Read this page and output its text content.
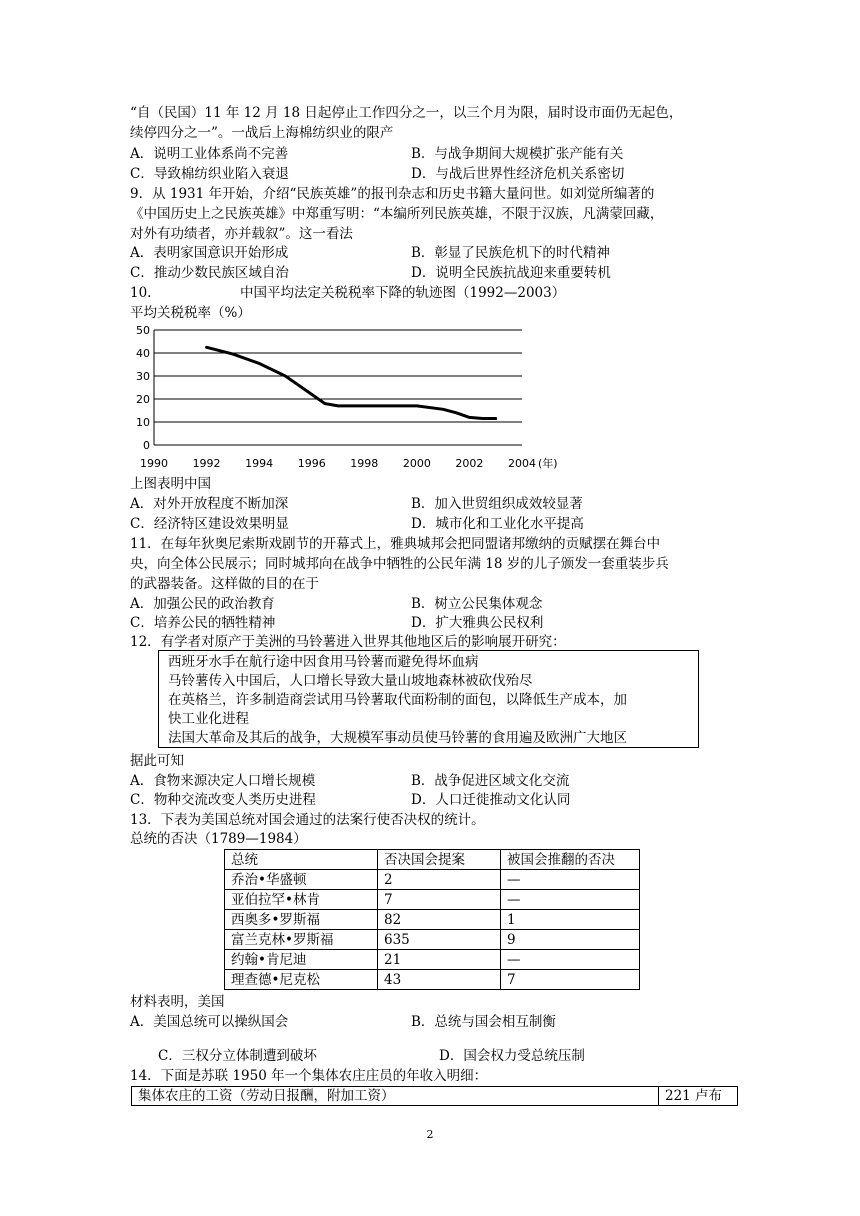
“自（民国）11 年 12 月 18 日起停止工作四分之一，以三个月为限，届时设市面仍无起色，
续停四分之一”。一战后上海棉纺织业的限产
A．说明工业体系尚不完善	B．与战争期间大规模扩张产能有关
C．导致棉纺织业陷入衰退	D．与战后世界性经济危机关系密切
9．从 1931 年开始，介绍“民族英雄”的报刊杂志和历史书籍大量问世。如刘觉所编著的
《中国历史上之民族英雄》中郑重写明：“本编所列民族英雄，不限于汉族，凡满蒙回藏，
对外有功绩者，亦并载叙”。这一看法
A．表明家国意识开始形成	B．彰显了民族危机下的时代精神
C．推动少数民族区域自治	D．说明全民族抗战迎来重要转机
10.	中国平均法定关税税率下降的轨迹图（1992—2003）
平均关税税率（%）
0
10
20
30
40
50
1990 1992 1994 1996 1998 2000 2002 2004 (年)
上图表明中国
A．对外开放程度不断加深	B．加入世贸组织成效较显著
C．经济特区建设效果明显	D．城市化和工业化水平提高
11．在每年狄奥尼索斯戏剧节的开幕式上，雅典城邦会把同盟诸邦缴纳的贡赋摆在舞台中
央，向全体公民展示；同时城邦向在战争中牺牲的公民年满 18 岁的儿子颁发一套重装步兵
的武器装备。这样做的目的在于
A．加强公民的政治教育	B．树立公民集体观念
C．培养公民的牺牲精神	D．扩大雅典公民权利
12．有学者对原产于美洲的马铃薯进入世界其他地区后的影响展开研究：
西班牙水手在航行途中因食用马铃薯而避免得坏血病
马铃薯传入中国后，人口增长导致大量山坡地森林被砍伐殆尽
在英格兰，许多制造商尝试用马铃薯取代面粉制的面包，以降低生产成本，加
快工业化进程
法国大革命及其后的战争，大规模军事动员使马铃薯的食用遍及欧洲广大地区
据此可知
A．食物来源决定人口增长规模	B．战争促进区域文化交流
C．物种交流改变人类历史进程	D．人口迁徙推动文化认同
13．下表为美国总统对国会通过的法案行使否决权的统计。
总统的否决（1789—1984）
总统	否决国会提案	被国会推翻的否决
乔治•华盛顿	2	—
亚伯拉罕•林肯	7	—
西奥多•罗斯福	82	1
富兰克林•罗斯福	635	9
约翰•肯尼迪	21	—
理查德•尼克松	43	7
材料表明，美国
A．美国总统可以操纵国会	B．总统与国会相互制衡
C．三权分立体制遭到破坏	D．国会权力受总统压制
14．下面是苏联 1950 年一个集体农庄庄员的年收入明细：
集体农庄的工资（劳动日报酬，附加工资）	221 卢布
2
